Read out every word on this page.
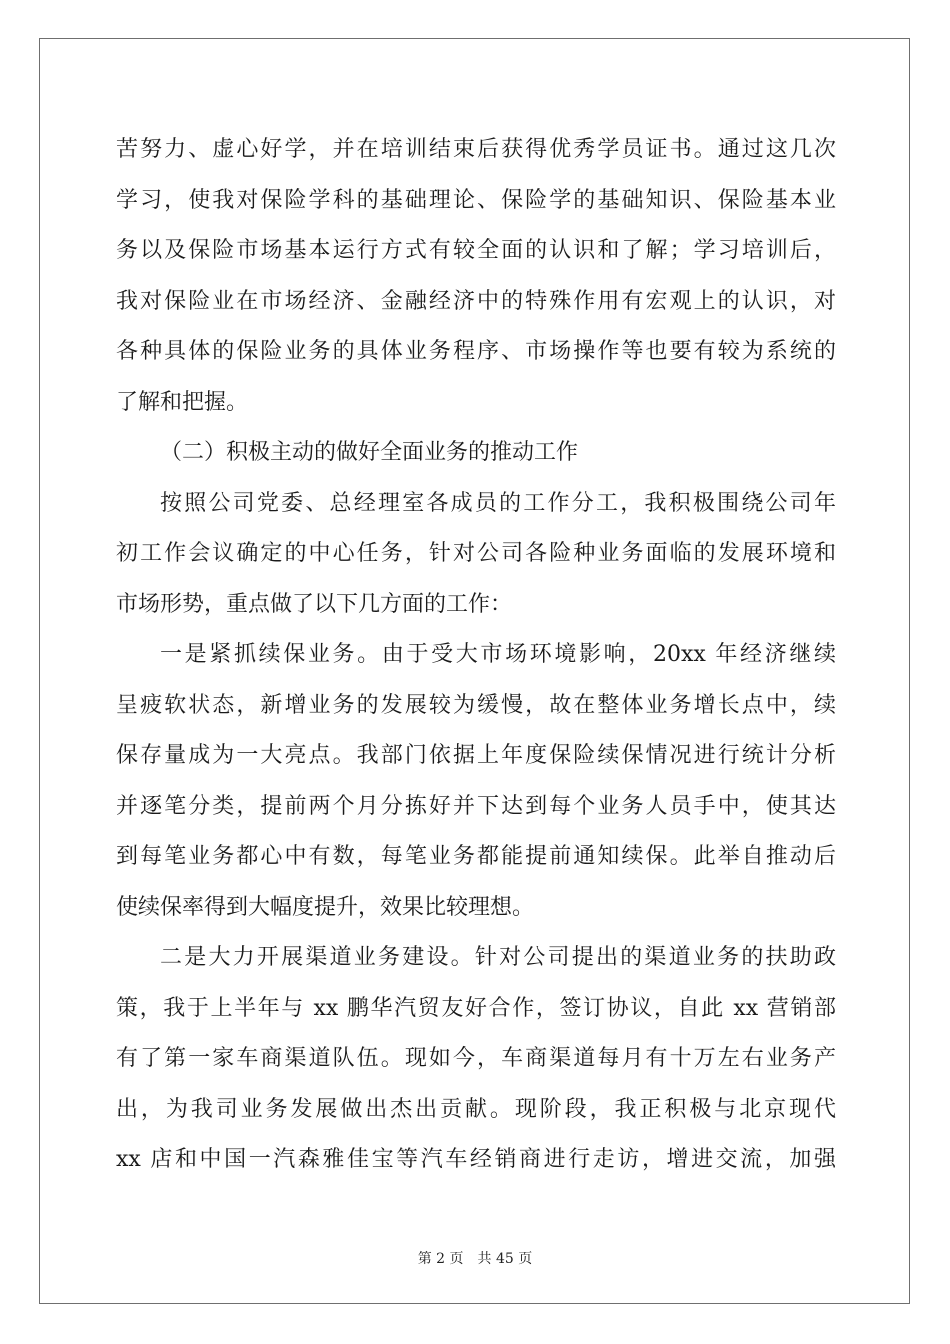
苦努力、虚心好学，并在培训结束后获得优秀学员证书。通过这几次
学习，使我对保险学科的基础理论、保险学的基础知识、保险基本业
务以及保险市场基本运行方式有较全面的认识和了解；学习培训后，
我对保险业在市场经济、金融经济中的特殊作用有宏观上的认识，对
各种具体的保险业务的具体业务程序、市场操作等也要有较为系统的
了解和把握。
（二）积极主动的做好全面业务的推动工作
按照公司党委、总经理室各成员的工作分工，我积极围绕公司年
初工作会议确定的中心任务，针对公司各险种业务面临的发展环境和
市场形势，重点做了以下几方面的工作：
一是紧抓续保业务。由于受大市场环境影响，20xx 年经济继续
呈疲软状态，新增业务的发展较为缓慢，故在整体业务增长点中，续
保存量成为一大亮点。我部门依据上年度保险续保情况进行统计分析
并逐笔分类，提前两个月分拣好并下达到每个业务人员手中，使其达
到每笔业务都心中有数，每笔业务都能提前通知续保。此举自推动后
使续保率得到大幅度提升，效果比较理想。
二是大力开展渠道业务建设。针对公司提出的渠道业务的扶助政
策，我于上半年与 xx 鹏华汽贸友好合作，签订协议，自此 xx 营销部
有了第一家车商渠道队伍。现如今，车商渠道每月有十万左右业务产
出，为我司业务发展做出杰出贡献。现阶段，我正积极与北京现代
xx 店和中国一汽森雅佳宝等汽车经销商进行走访，增进交流，加强
第 2 页　共 45 页
